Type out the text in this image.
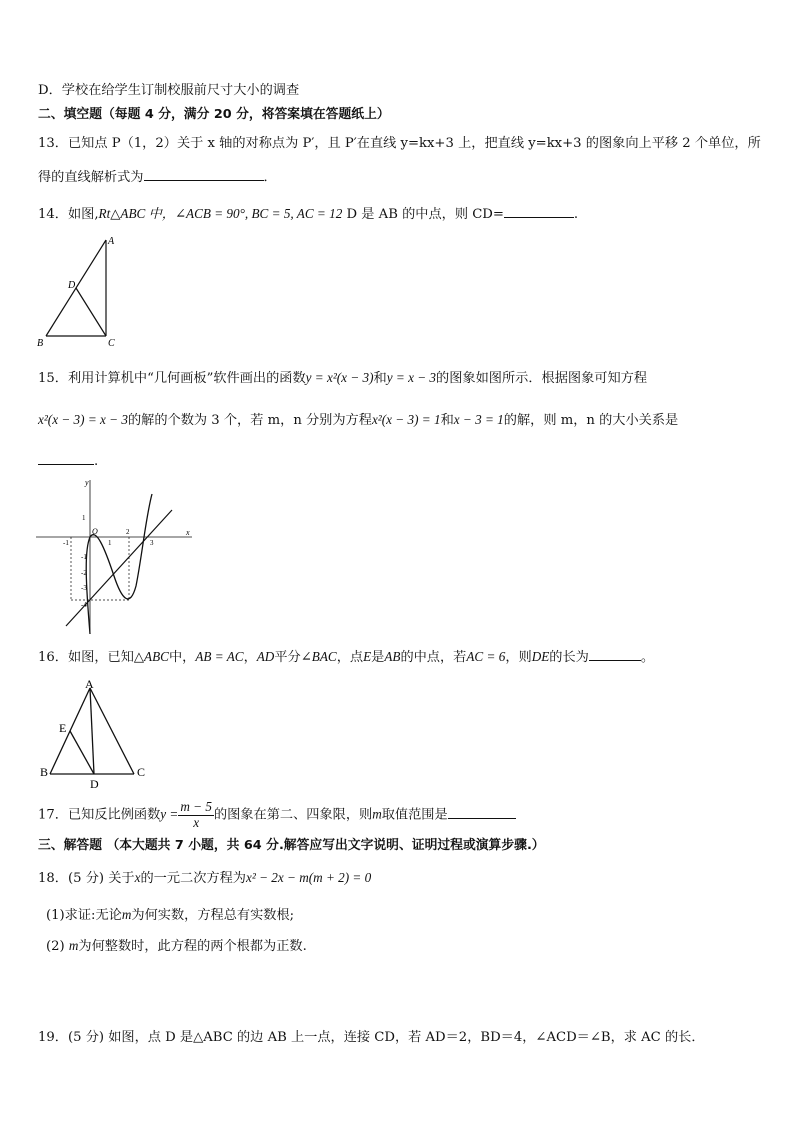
D．学校在给学生订制校服前尺寸大小的调查
二、填空题（每题 4 分，满分 20 分，将答案填在答题纸上）
13．已知点 P（1，2）关于 x 轴的对称点为 P′，且 P′在直线 y=kx+3 上，把直线 y=kx+3 的图象向上平移 2 个单位，所
得的直线解析式为	．
14．如图,Rt△ABC 中，∠ACB = 90°, BC = 5, AC = 12 D 是 AB 的中点，则 CD=	.
A
B	C
D
15．利用计算机中“几何画板”软件画出的函数y = x²(x − 3)和y = x − 3的图象如图所示．根据图象可知方程
x²(x − 3) = x − 3的解的个数为 3 个，若 m，n 分别为方程x²(x − 3) = 1和x − 3 = 1的解，则 m，n 的大小关系是
.
y
x
O
1
-1	1
2
3
-1
-2
-3
-4
16．如图，已知△ABC中，AB = AC，AD平分∠BAC，点E是AB的中点，若AC = 6，则DE的长为	。
A
B	C
D
E
17．已知反比例函数$y = \frac{m - 5}{x}$ 的图象在第二、四象限，则m取值范围是
三、解答题 （本大题共 7 小题，共 64 分.解答应写出文字说明、证明过程或演算步骤.）
18．(5 分) 关于x的一元二次方程为x² − 2x − m(m + 2) = 0
(1)求证:无论m为何实数，方程总有实数根;
(2) m为何整数时，此方程的两个根都为正数.
19．(5 分) 如图，点 D 是△ABC 的边 AB 上一点，连接 CD，若 AD＝2，BD＝4，∠ACD＝∠B，求 AC 的长．
